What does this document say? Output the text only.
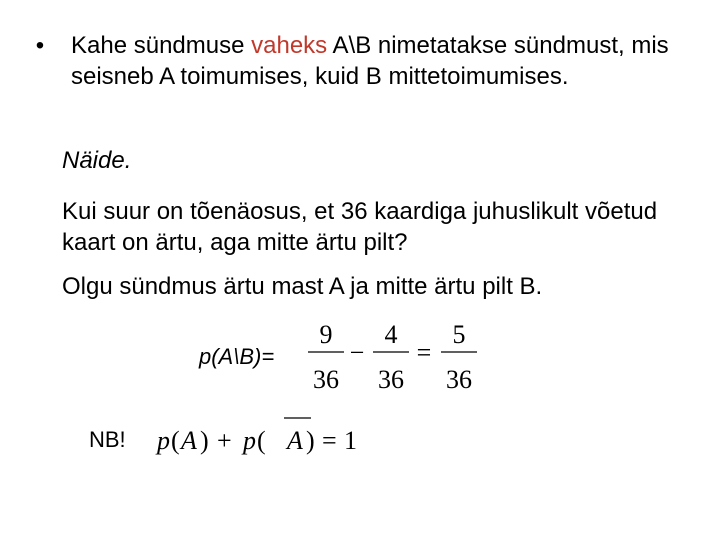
• Kahe sündmuse vaheks A\B nimetatakse sündmust, mis seisneb A toimumises, kuid B mittetoimumises.
Näide.
Kui suur on tõenäosus, et 36 kaardiga juhuslikult võetud kaart on ärtu, aga mitte ärtu pilt?
Olgu sündmus ärtu mast A ja mitte ärtu pilt B.
p(A\B)=
9
36
−
4
36
=
5
36
NB! p ( A ) + p ( A ) = 1
